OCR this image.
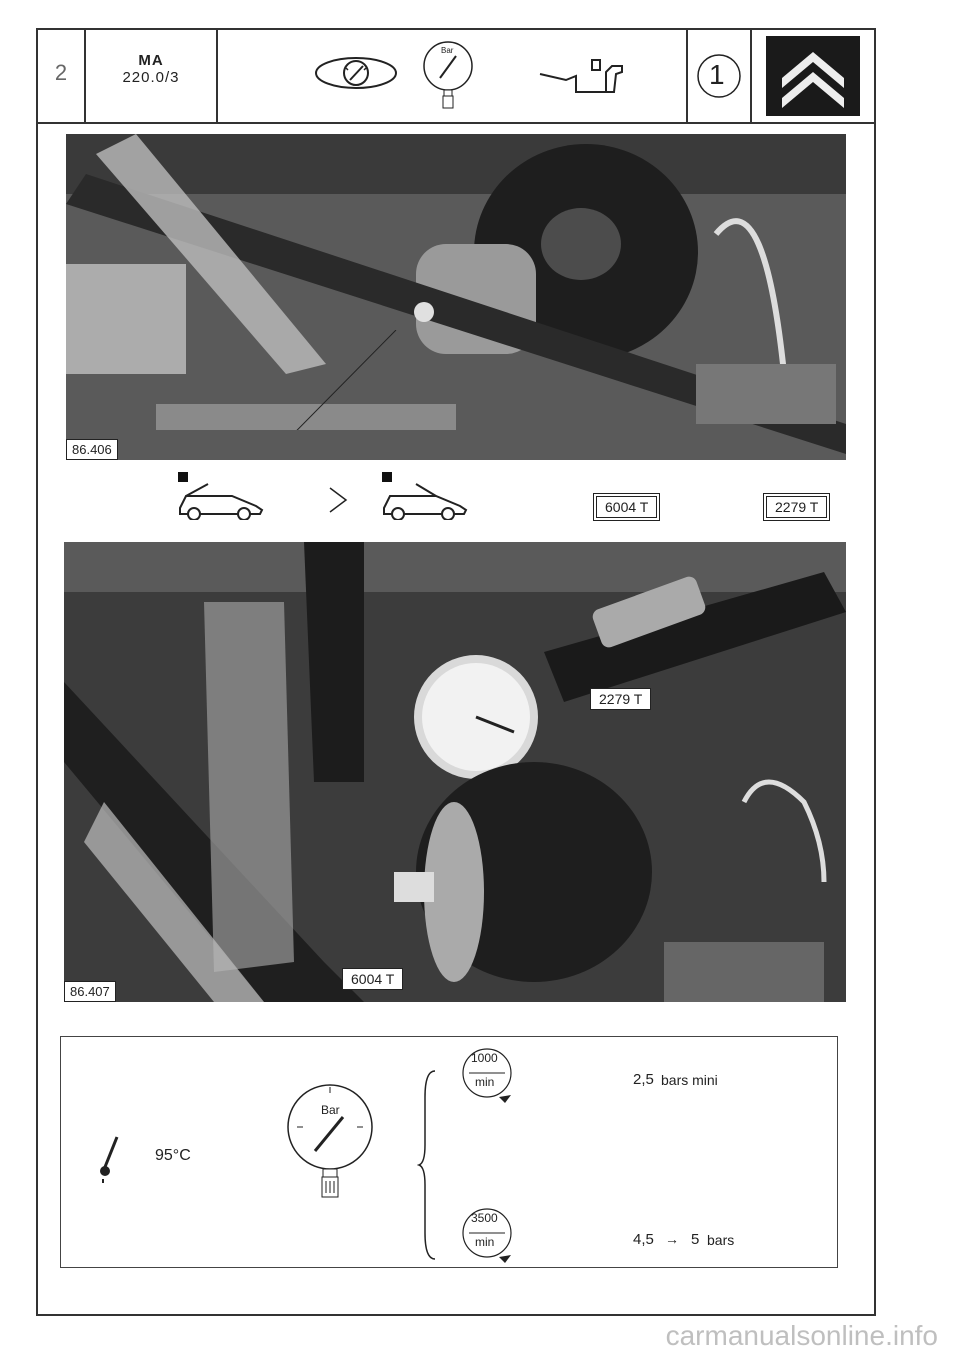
2	MA
220.0/3
Bar
1
86.406
6004 T	2279 T
86.407
2279 T
6004 T
95°C
Bar
1000
min	2,5 bars mini
3500
min	4,5 → 5 bars
carmanualsonline.info
